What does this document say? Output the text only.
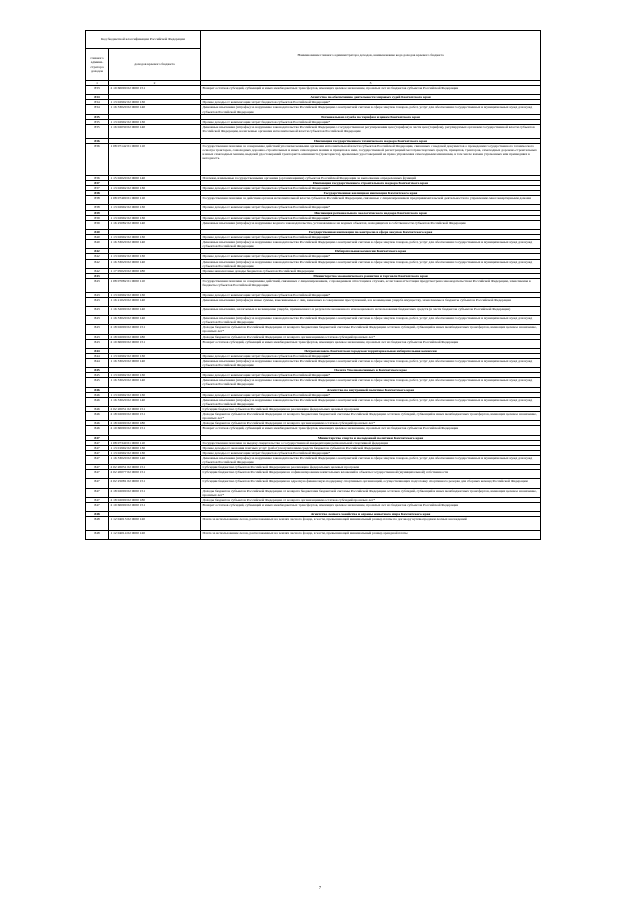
Код бюджетной классификации Российской Федерации		Наименование главного администратора доходов, наименование кода доходов краевого бюджета
главного админи-стратора доходов	доходов краевого бюджета	
1	2	3
833	2 19 60000 02 0000 151	Возврат остатков субсидий, субвенций и иных межбюджетных трансфертов, имеющих целевое назначение, прошлых лет из бюджетов субъектов Российской Федерации
834		Агентство по обеспечению деятельности мировых судей Камчатского края
834	1 13 02992 02 0000 130	Прочие доходы от компенсации затрат бюджетов субъектов Российской Федерации*
834	1 16 33020 02 0000 140	Денежные взыскания (штрафы) за нарушение законодательства Российской Федерации о контрактной системе в сфере закупок товаров, работ, услуг для обеспечения государственных и муниципальных нужд для нужд субъектов Российской Федерации
835		Региональная служба по тарифам и ценам Камчатского края
835	1 13 02992 02 0000 130	Прочие доходы от компенсации затрат бюджетов субъектов Российской Федерации*
835	1 16 02030 02 0000 140	Денежные взыскания (штрафы) за нарушение законодательства Российской Федерации о государственном регулировании цен (тарифов) в части цен (тарифов), регулируемых органами государственной власти субъектов Российской Федерации, налагаемые органами исполнительной власти субъектов Российской Федерации
836		Инспекция государственного технического надзора Камчатского края
836	1 08 07142 01 0000 110	Государственная пошлина за совершение действий уполномоченными органами исполнительной власти субъектов Российской Федерации, связанных с выдачей документов о проведении государственного технического осмотра тракторов, самоходных дорожно-строительных и иных самоходных машин и прицепов к ним, государственной регистрацией мототранспортных средств, прицепов, тракторов, самоходных дорожно-строительных и иных самоходных машин, выдачей удостоверений тракториста-машиниста (тракториста), временных удостоверений на право управления самоходными машинами, в том числе взамен утраченных или пришедших в негодность
836	1 15 02020 02 0000 140	Платежи, взимаемые государственными органами (организациями) субъектов Российской Федерации за выполнение определенных функций
837		Инспекция государственного строительного надзора Камчатского края
837	1 13 02992 02 0000 130	Прочие доходы от компенсации затрат бюджетов субъектов Российской Федерации*
838		Государственная жилищная инспекция Камчатского края
838	1 08 07400 01 0000 110	Государственная пошлина за действия органов исполнительной власти субъектов Российской Федерации, связанные с лицензированием предпринимательской деятельности по управлению многоквартирными домами
838	1 13 02992 02 0000 130	Прочие доходы от компенсации затрат бюджетов субъектов Российской Федерации*
839		Инспекция регионального экологического надзора Камчатского края
839	1 13 02992 02 0000 130	Прочие доходы от компенсации затрат бюджетов субъектов Российской Федерации*
839	1 16 25082 02 0000 140	Денежные взыскания (штрафы) за нарушение водного законодательства, установленное на водных объектах, находящихся в собственности субъектов Российской Федерации
840		Государственная инспекция по контролю в сфере закупок Камчатского края
840	1 13 02992 02 0000 130	Прочие доходы от компенсации затрат бюджетов субъектов Российской Федерации*
840	1 16 33020 02 0000 140	Денежные взыскания (штрафы) за нарушение законодательства Российской Федерации о контрактной системе в сфере закупок товаров, работ, услуг для обеспечения государственных и муниципальных нужд для нужд субъектов Российской Федерации
842		Избирательная комиссия Камчатского края
842	1 13 02992 02 0000 130	Прочие доходы от компенсации затрат бюджетов субъектов Российской Федерации*
842	1 16 33020 02 0000 140	Денежные взыскания (штрафы) за нарушение законодательства Российской Федерации о контрактной системе в сфере закупок товаров, работ, услуг для обеспечения государственных и муниципальных нужд для нужд субъектов Российской Федерации
842	1 17 05020 02 0000 180	Прочие неналоговые доходы бюджетов субъектов Российской Федерации
843		Министерство экономического развития и торговли Камчатского края
843	1 08 07082 01 0000 110	Государственная пошлина за совершение действий, связанных с лицензированием, с проведением аттестации в случаях, если такая аттестация предусмотрена законодательством Российской Федерации, зачисляемая в бюджеты субъектов Российской Федерации
843	1 13 02992 02 0000 130	Прочие доходы от компенсации затрат бюджетов субъектов Российской Федерации*
843	1 16 21020 02 0000 140	Денежные взыскания (штрафы) и иные суммы, взыскиваемые с лиц, виновных в совершении преступлений, и в возмещение ущерба имуществу, зачисляемые в бюджеты субъектов Российской Федерации
843	1 16 32000 02 0000 140	Денежные взыскания, налагаемые в возмещение ущерба, причиненного в результате незаконного или нецелевого использования бюджетных средств (в части бюджетов субъектов Российской Федерации)
843	1 16 33020 02 0000 140	Денежные взыскания (штрафы) за нарушение законодательства Российской Федерации о контрактной системе в сфере закупок товаров, работ, услуг для обеспечения государственных и муниципальных нужд для нужд субъектов Российской Федерации
843	2 18 02000 02 0000 151	Доходы бюджетов субъектов Российской Федерации от возврата бюджетами бюджетной системы Российской Федерации остатков субсидий, субвенций и иных межбюджетных трансфертов, имеющих целевое назначение, прошлых лет*
843	2 18 02000 02 0000 180	Доходы бюджетов субъектов Российской Федерации от возврата организациями остатков субсидий прошлых лет*
843	2 19 60000 02 0000 151	Возврат остатков субсидий, субвенций и иных межбюджетных трансфертов, имеющих целевое назначение, прошлых лет из бюджетов субъектов Российской Федерации
844		Петропавловск-Камчатская городская территориальная избирательная комиссия
844	1 13 02992 02 0000 130	Прочие доходы от компенсации затрат бюджетов субъектов Российской Федерации*
844	1 16 33020 02 0000 140	Денежные взыскания (штрафы) за нарушение законодательства Российской Федерации о контрактной системе в сфере закупок товаров, работ, услуг для обеспечения государственных и муниципальных нужд для нужд субъектов Российской Федерации
845		Палата Уполномоченных в Камчатском крае
845	1 13 02992 02 0000 130	Прочие доходы от компенсации затрат бюджетов субъектов Российской Федерации*
845	1 16 33020 02 0000 140	Денежные взыскания (штрафы) за нарушение законодательства Российской Федерации о контрактной системе в сфере закупок товаров, работ, услуг для обеспечения государственных и муниципальных нужд для нужд субъектов Российской Федерации
846		Агентство по внутренней политике Камчатского края
846	1 13 02992 02 0000 130	Прочие доходы от компенсации затрат бюджетов субъектов Российской Федерации*
846	1 16 33020 02 0000 140	Денежные взыскания (штрафы) за нарушение законодательства Российской Федерации о контрактной системе в сфере закупок товаров, работ, услуг для обеспечения государственных и муниципальных нужд для нужд субъектов Российской Федерации
846	2 02 20051 02 0000 151	Субсидии бюджетам субъектов Российской Федерации на реализацию федеральных целевых программ
846	2 18 02000 02 0000 151	Доходы бюджетов субъектов Российской Федерации от возврата бюджетами бюджетной системы Российской Федерации остатков субсидий, субвенций и иных межбюджетных трансфертов, имеющих целевое назначение, прошлых лет*
846	2 18 02000 02 0000 180	Доходы бюджетов субъектов Российской Федерации от возврата организациями остатков субсидий прошлых лет*
846	2 19 60000 02 0000 151	Возврат остатков субсидий, субвенций и иных межбюджетных трансфертов, имеющих целевое назначение, прошлых лет из бюджетов субъектов Российской Федерации
847		Министерство спорта и молодежной политики Камчатского края
847	1 08 07340 01 0000 110	Государственная пошлина за выдачу свидетельства о государственной аккредитации региональной спортивной федерации
847	1 13 01992 02 0000 130	Прочие доходы от оказания платных услуг (работ) получателями средств бюджетов субъектов Российской Федерации
847	1 13 02992 02 0000 130	Прочие доходы от компенсации затрат бюджетов субъектов Российской Федерации*
847	1 16 33020 02 0000 140	Денежные взыскания (штрафы) за нарушение законодательства Российской Федерации о контрактной системе в сфере закупок товаров, работ, услуг для обеспечения государственных и муниципальных нужд для нужд субъектов Российской Федерации
847	2 02 20051 02 0000 151	Субсидии бюджетам субъектов Российской Федерации на реализацию федеральных целевых программ
847	2 02 20077 02 0000 151	Субсидии бюджетам субъектов Российской Федерации на софинансирование капитальных вложений в объекты государственной (муниципальной) собственности
847	2 02 25081 02 0000 151	Субсидии бюджетам субъектов Российской Федерации на адресную финансовую поддержку спортивных организаций, осуществляющих подготовку спортивного резерва для сборных команд Российской Федерации
847	2 18 02000 02 0000 151	Доходы бюджетов субъектов Российской Федерации от возврата бюджетами бюджетной системы Российской Федерации остатков субсидий, субвенций и иных межбюджетных трансфертов, имеющих целевое назначение, прошлых лет*
847	2 18 02000 02 0000 180	Доходы бюджетов субъектов Российской Федерации от возврата организациями остатков субсидий прошлых лет*
847	2 19 60000 02 0000 151	Возврат остатков субсидий, субвенций и иных межбюджетных трансфертов, имеющих целевое назначение, прошлых лет из бюджетов субъектов Российской Федерации
848		Агентство лесного хозяйства и охраны животного мира Камчатского края
848	1 12 04013 02 0000 120	Плата за использование лесов, расположенных на землях лесного фонда, в части, превышающей минимальный размер платы по договору купли-продажи лесных насаждений
848	1 12 04014 02 0000 120	Плата за использование лесов, расположенных на землях лесного фонда, в части, превышающей минимальный размер арендной платы
7
